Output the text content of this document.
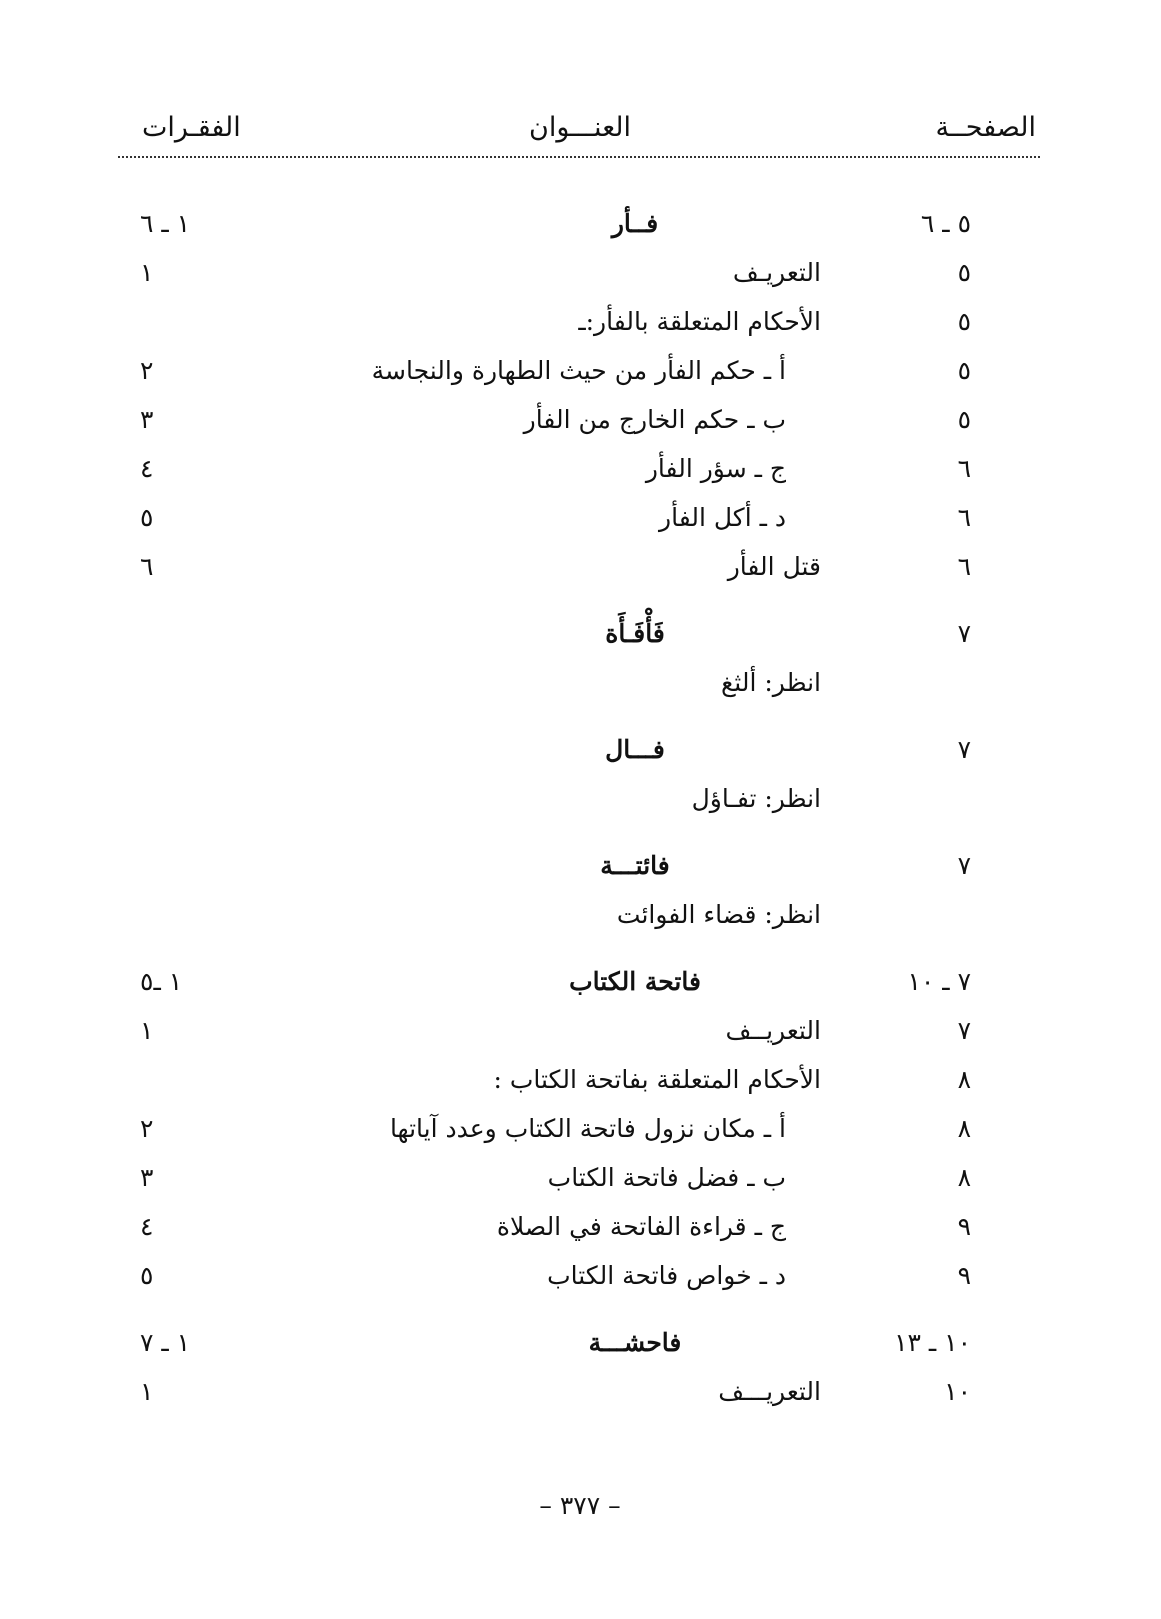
الصفحــة
العنـــوان
الفقـرات
٥ ـ ٦
فــأر
١ ـ ٦
٥
التعريـف
١
٥
الأحكام المتعلقة بالفأر:ـ
٥
أ ـ حكم الفأر من حيث الطهارة والنجاسة
٢
٥
ب ـ حكم الخارج من الفأر
٣
٦
ج ـ سؤر الفأر
٤
٦
د ـ أكل الفأر
٥
٦
قتل الفأر
٦
٧
فَأْفَـأَة
انظر: ألثغ
٧
فـــال
انظر: تفـاؤل
٧
فائتـــة
انظر: قضاء الفوائت
٧ ـ ١٠
فاتحة الكتاب
١ ـ٥
٧
التعريــف
١
٨
الأحكام المتعلقة بفاتحة الكتاب :
٨
أ ـ مكان نزول فاتحة الكتاب وعدد آياتها
٢
٨
ب ـ فضل فاتحة الكتاب
٣
٩
ج ـ قراءة الفاتحة في الصلاة
٤
٩
د ـ خواص فاتحة الكتاب
٥
١٠ ـ ١٣
فاحشـــة
١ ـ ٧
١٠
التعريـــف
١
– ٣٧٧ –
